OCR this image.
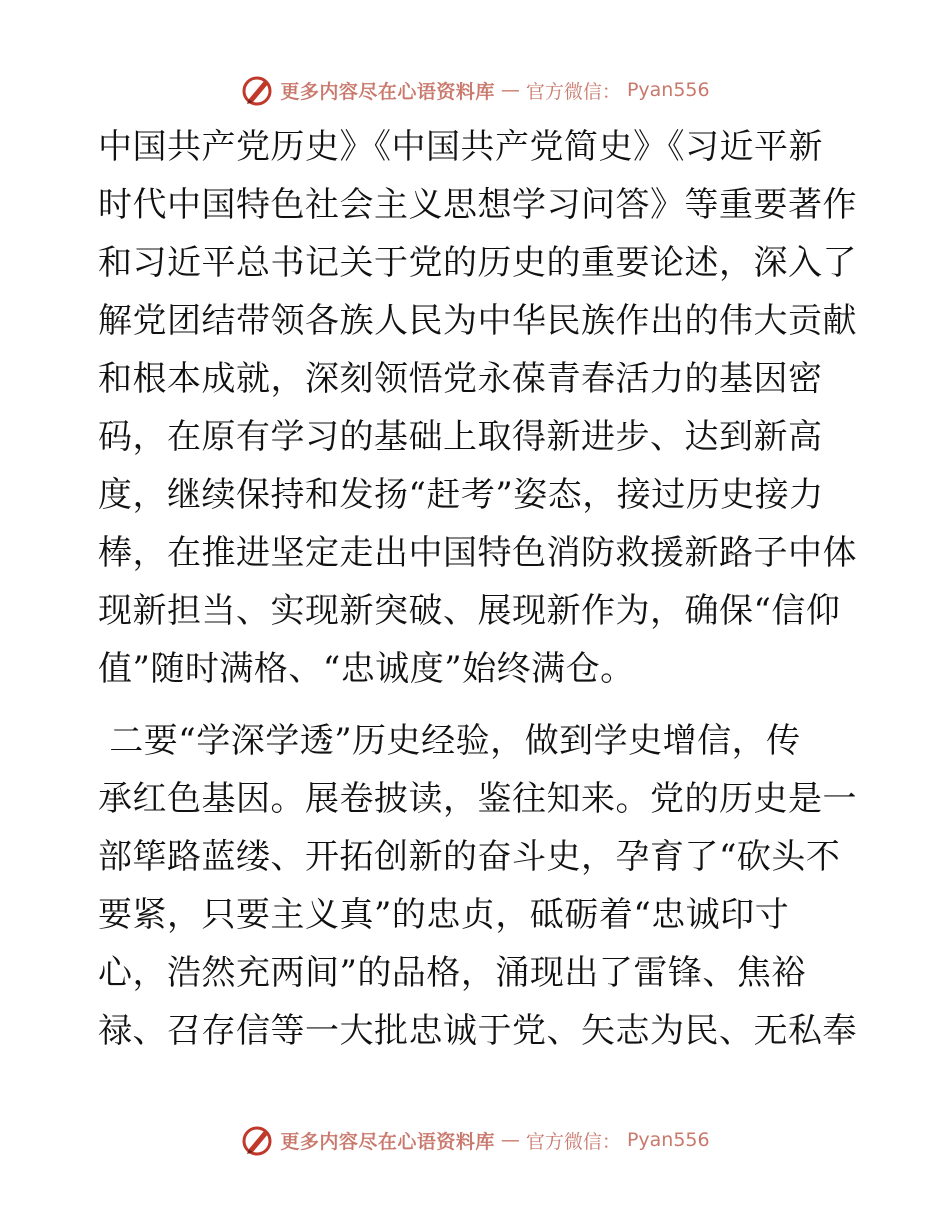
更多内容尽在心语资料库 — 官方微信： Pyan556
中国共产党历史》《中国共产党简史》《习近平新
时代中国特色社会主义思想学习问答》等重要著作
和习近平总书记关于党的历史的重要论述，深入了
解党团结带领各族人民为中华民族作出的伟大贡献
和根本成就，深刻领悟党永葆青春活力的基因密
码，在原有学习的基础上取得新进步、达到新高
度，继续保持和发扬“赶考”姿态，接过历史接力
棒，在推进坚定走出中国特色消防救援新路子中体
现新担当、实现新突破、展现新作为，确保“信仰
值”随时满格、“忠诚度”始终满仓。
二要“学深学透”历史经验，做到学史增信，传
承红色基因。展卷披读，鉴往知来。党的历史是一
部筚路蓝缕、开拓创新的奋斗史，孕育了“砍头不
要紧，只要主义真”的忠贞，砥砺着“忠诚印寸
心，浩然充两间”的品格，涌现出了雷锋、焦裕
禄、召存信等一大批忠诚于党、矢志为民、无私奉
更多内容尽在心语资料库 — 官方微信： Pyan556
